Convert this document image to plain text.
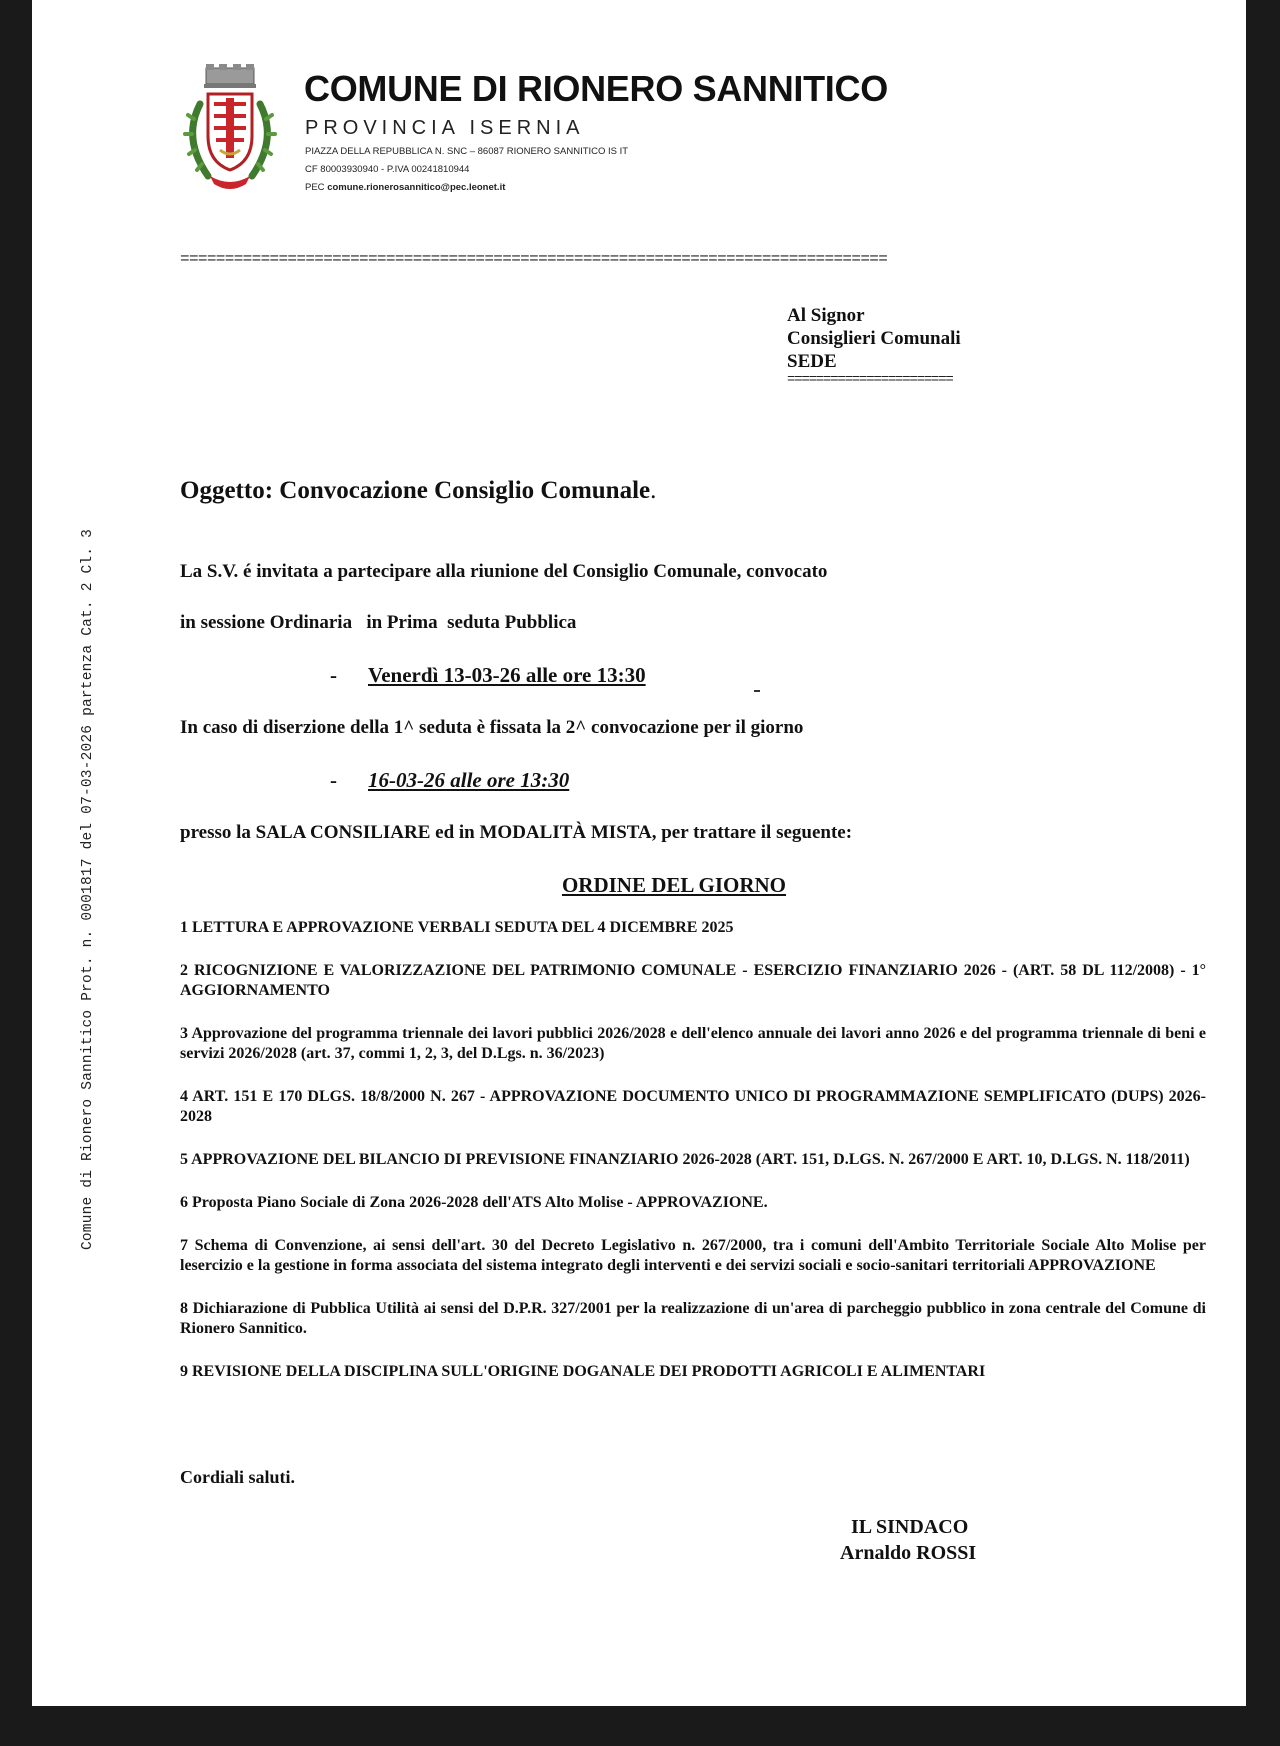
Comune di Rionero Sannitico Prot. n. 0001817 del 07-03-2026 partenza Cat. 2 Cl. 3
COMUNE DI RIONERO SANNITICO
PROVINCIA ISERNIA
PIAZZA DELLA REPUBBLICA N. SNC – 86087 RIONERO SANNITICO IS IT
CF 80003930940 - P.IVA 00241810944
PEC comune.rionerosannitico@pec.leonet.it
===============================================================================
Al Signor
Consiglieri Comunali
SEDE
=======================
Oggetto: Convocazione Consiglio Comunale.
La S.V. é invitata a partecipare alla riunione del Consiglio Comunale, convocato
in sessione Ordinaria   in Prima  seduta Pubblica
- Venerdì 13-03-26 alle ore 13:30
In caso di diserzione della 1^ seduta è fissata la 2^ convocazione per il giorno
- 16-03-26 alle ore 13:30
presso la SALA CONSILIARE ed in MODALITÀ MISTA, per trattare il seguente:
ORDINE DEL GIORNO
1 LETTURA E APPROVAZIONE VERBALI SEDUTA DEL 4 DICEMBRE 2025
2 RICOGNIZIONE E VALORIZZAZIONE DEL PATRIMONIO COMUNALE - ESERCIZIO FINANZIARIO 2026 - (ART. 58 DL 112/2008) - 1° AGGIORNAMENTO
3 Approvazione del programma triennale dei lavori pubblici 2026/2028 e dell'elenco annuale dei lavori anno 2026 e del programma triennale di beni e servizi 2026/2028 (art. 37, commi 1, 2, 3, del D.Lgs. n. 36/2023)
4 ART. 151 E 170 DLGS. 18/8/2000 N. 267 - APPROVAZIONE DOCUMENTO UNICO DI PROGRAMMAZIONE SEMPLIFICATO (DUPS) 2026-2028
5 APPROVAZIONE DEL BILANCIO DI PREVISIONE FINANZIARIO 2026-2028 (ART. 151, D.LGS. N. 267/2000 E ART. 10, D.LGS. N. 118/2011)
6 Proposta Piano Sociale di Zona 2026-2028 dell'ATS Alto Molise - APPROVAZIONE.
7 Schema di Convenzione, ai sensi dell'art. 30 del Decreto Legislativo n. 267/2000, tra i comuni dell'Ambito Territoriale Sociale Alto Molise per lesercizio e la gestione in forma associata del sistema integrato degli interventi e dei servizi sociali e socio-sanitari territoriali APPROVAZIONE
8 Dichiarazione di Pubblica Utilità ai sensi del D.P.R. 327/2001 per la realizzazione di un'area di parcheggio pubblico in zona centrale del Comune di Rionero Sannitico.
9 REVISIONE DELLA DISCIPLINA SULL'ORIGINE DOGANALE DEI PRODOTTI AGRICOLI E ALIMENTARI
Cordiali saluti.
IL SINDACO
Arnaldo ROSSI
